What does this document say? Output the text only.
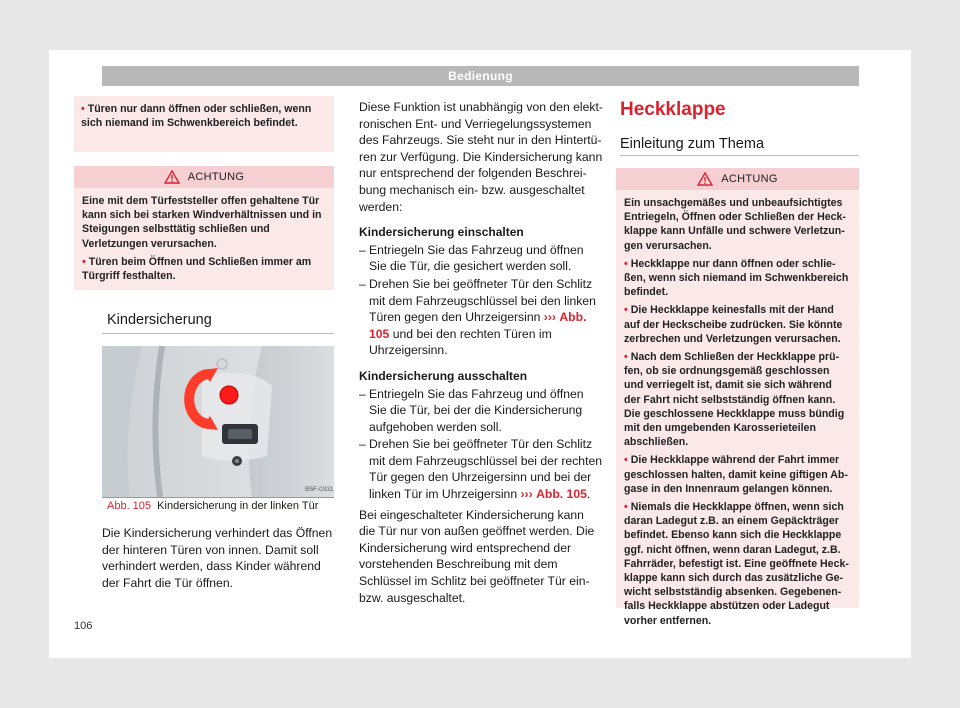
Bedienung
• Türen nur dann öffnen oder schließen, wenn sich niemand im Schwenkbereich befindet.
ACHTUNG
Eine mit dem Türfeststeller offen gehaltene Tür kann sich bei starken Windverhältnissen und in Steigungen selbsttätig schließen und Verletzungen verursachen.
• Türen beim Öffnen und Schließen immer am Türgriff festhalten.
Kindersicherung
B5F-0331
Abb. 105 Kindersicherung in der linken Tür
Die Kindersicherung verhindert das Öffnen der hinteren Türen von innen. Damit soll verhindert werden, dass Kinder während der Fahrt die Tür öffnen.
Diese Funktion ist unabhängig von den elektronischen Ent- und Verriegelungssystemen des Fahrzeugs. Sie steht nur in den Hintertüren zur Verfügung. Die Kindersicherung kann nur entsprechend der folgenden Beschreibung mechanisch ein- bzw. ausgeschaltet werden:
Kindersicherung einschalten
– Entriegeln Sie das Fahrzeug und öffnen Sie die Tür, die gesichert werden soll.
– Drehen Sie bei geöffneter Tür den Schlitz mit dem Fahrzeugschlüssel bei den linken Türen gegen den Uhrzeigersinn ››› Abb. 105 und bei den rechten Türen im Uhrzeigersinn.
Kindersicherung ausschalten
– Entriegeln Sie das Fahrzeug und öffnen Sie die Tür, bei der die Kindersicherung aufgehoben werden soll.
– Drehen Sie bei geöffneter Tür den Schlitz mit dem Fahrzeugschlüssel bei der rechten Tür gegen den Uhrzeigersinn und bei der linken Tür im Uhrzeigersinn ››› Abb. 105.
Bei eingeschalteter Kindersicherung kann die Tür nur von außen geöffnet werden. Die Kindersicherung wird entsprechend der vorstehenden Beschreibung mit dem Schlüssel im Schlitz bei geöffneter Tür ein- bzw. ausgeschaltet.
Heckklappe
Einleitung zum Thema
ACHTUNG
Ein unsachgemäßes und unbeaufsichtigtes Entriegeln, Öffnen oder Schließen der Heckklappe kann Unfälle und schwere Verletzungen verursachen.
• Heckklappe nur dann öffnen oder schließen, wenn sich niemand im Schwenkbereich befindet.
• Die Heckklappe keinesfalls mit der Hand auf der Heckscheibe zudrücken. Sie könnte zerbrechen und Verletzungen verursachen.
• Nach dem Schließen der Heckklappe prüfen, ob sie ordnungsgemäß geschlossen und verriegelt ist, damit sie sich während der Fahrt nicht selbstständig öffnen kann. Die geschlossene Heckklappe muss bündig mit den umgebenden Karosserieteilen abschließen.
• Die Heckklappe während der Fahrt immer geschlossen halten, damit keine giftigen Abgase in den Innenraum gelangen können.
• Niemals die Heckklappe öffnen, wenn sich daran Ladegut z.B. an einem Gepäckträger befindet. Ebenso kann sich die Heckklappe ggf. nicht öffnen, wenn daran Ladegut, z.B. Fahrräder, befestigt ist. Eine geöffnete Heckklappe kann sich durch das zusätzliche Gewicht selbstständig absenken. Gegebenenfalls Heckklappe abstützen oder Ladegut vorher entfernen.
106
